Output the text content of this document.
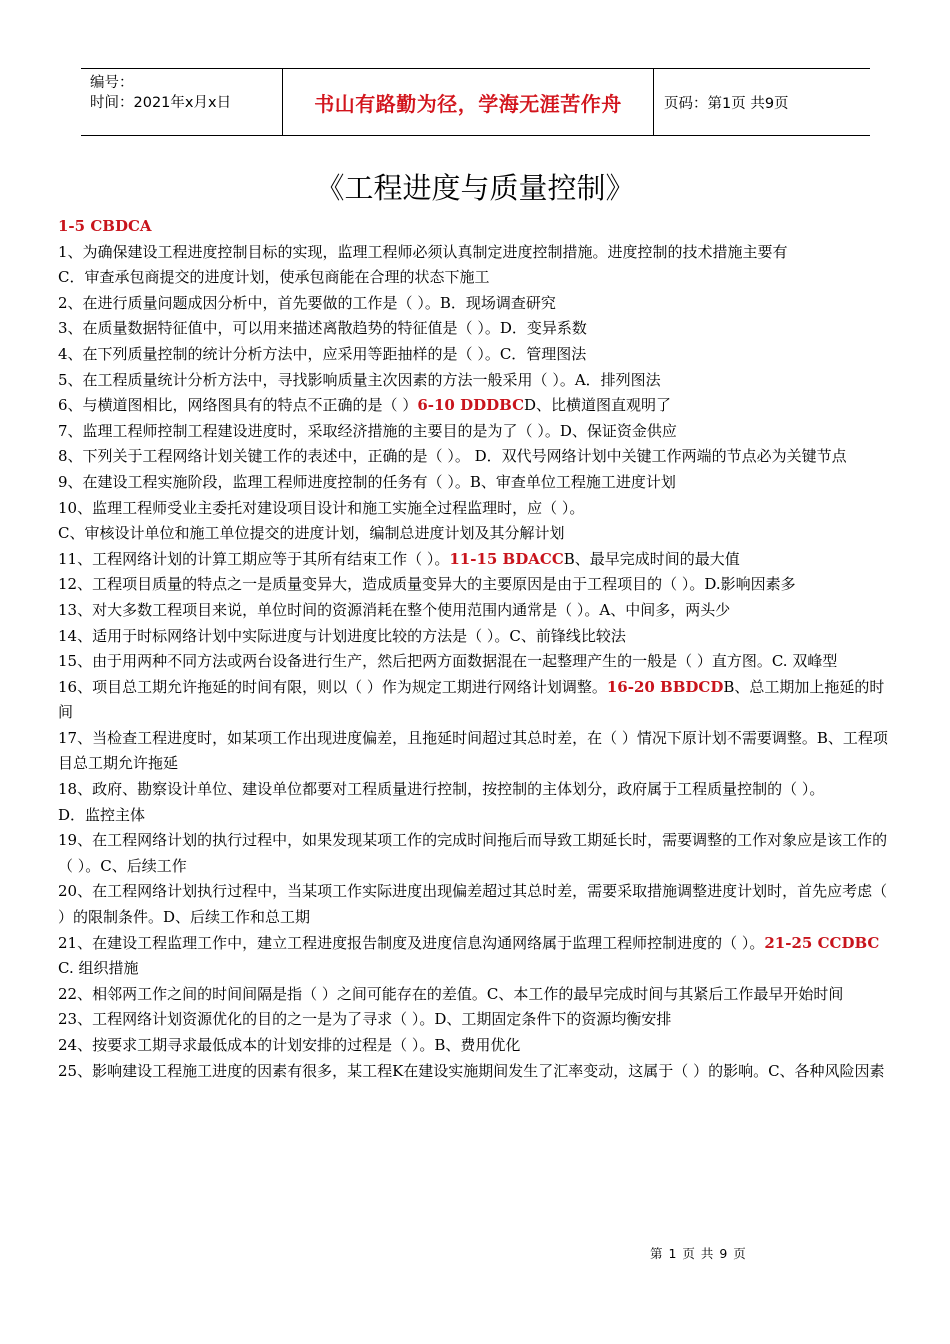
编号：
时间：2021年x月x日	书山有路勤为径，学海无涯苦作舟	页码：第1页 共9页
《工程进度与质量控制》

1-5 CBDCA

1、为确保建设工程进度控制目标的实现，监理工程师必须认真制定进度控制措施。进度控制的技术措施主要有

C．审查承包商提交的进度计划，使承包商能在合理的状态下施工

2、在进行质量问题成因分析中，首先要做的工作是（ ）。B．现场调查研究

3、在质量数据特征值中，可以用来描述离散趋势的特征值是（ ）。D．变异系数

4、在下列质量控制的统计分析方法中，应采用等距抽样的是（ ）。C．管理图法

5、在工程质量统计分析方法中，寻找影响质量主次因素的方法一般采用（ ）。A．排列图法

6、与横道图相比，网络图具有的特点不正确的是（ ）6-10 DDDBCD、比横道图直观明了

7、监理工程师控制工程建设进度时，采取经济措施的主要目的是为了（ ）。D、保证资金供应

8、下列关于工程网络计划关键工作的表述中，正确的是（ ）。 D．双代号网络计划中关键工作两端的节点必为关键节点

9、在建设工程实施阶段，监理工程师进度控制的任务有（ ）。B、审查单位工程施工进度计划

10、监理工程师受业主委托对建设项目设计和施工实施全过程监理时，应（ ）。

C、审核设计单位和施工单位提交的进度计划，编制总进度计划及其分解计划

11、工程网络计划的计算工期应等于其所有结束工作（ ）。11-15 BDACCB、最早完成时间的最大值

12、工程项目质量的特点之一是质量变异大，造成质量变异大的主要原因是由于工程项目的（ ）。D.影响因素多

13、对大多数工程项目来说，单位时间的资源消耗在整个使用范围内通常是（ ）。A、中间多，两头少

14、适用于时标网络计划中实际进度与计划进度比较的方法是（ ）。C、前锋线比较法

15、由于用两种不同方法或两台设备进行生产，然后把两方面数据混在一起整理产生的一般是（ ）直方图。C. 双峰型

16、项目总工期允许拖延的时间有限，则以（ ）作为规定工期进行网络计划调整。16-20 BBDCDB、总工期加上拖延的时间

17、当检查工程进度时，如某项工作出现进度偏差，且拖延时间超过其总时差，在（ ）情况下原计划不需要调整。B、工程项目总工期允许拖延

18、政府、勘察设计单位、建设单位都要对工程质量进行控制，按控制的主体划分，政府属于工程质量控制的（ ）。

D．监控主体

19、在工程网络计划的执行过程中，如果发现某项工作的完成时间拖后而导致工期延长时，需要调整的工作对象应是该工作的（ ）。C、后续工作

20、在工程网络计划执行过程中，当某项工作实际进度出现偏差超过其总时差，需要采取措施调整进度计划时，首先应考虑（ ）的限制条件。D、后续工作和总工期

21、在建设工程监理工作中，建立工程进度报告制度及进度信息沟通网络属于监理工程师控制进度的（ ）。21-25 CCDBC C. 组织措施

22、相邻两工作之间的时间间隔是指（ ）之间可能存在的差值。C、本工作的最早完成时间与其紧后工作最早开始时间

23、工程网络计划资源优化的目的之一是为了寻求（ ）。D、工期固定条件下的资源均衡安排

24、按要求工期寻求最低成本的计划安排的过程是（ ）。B、费用优化

25、影响建设工程施工进度的因素有很多，某工程K在建设实施期间发生了汇率变动，这属于（ ）的影响。C、各种风险因素

第 1 页 共 9 页
